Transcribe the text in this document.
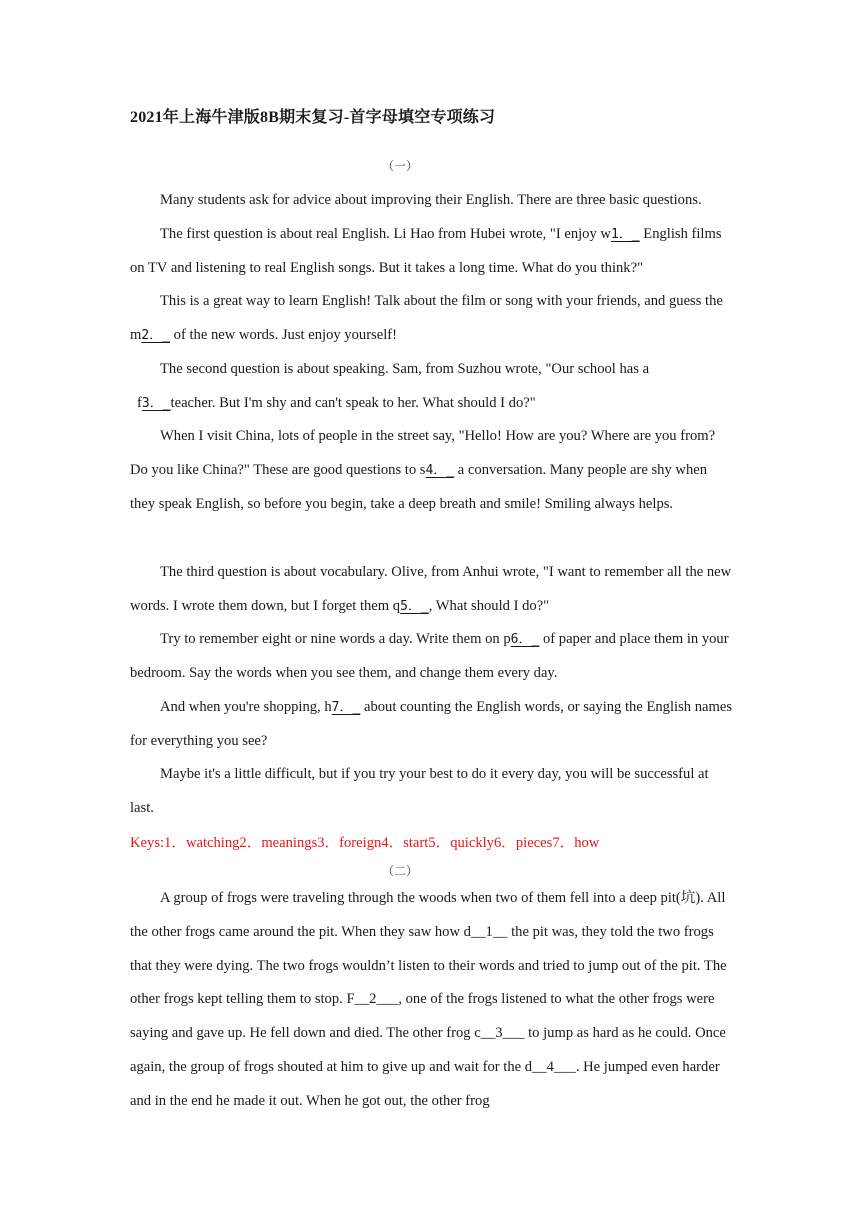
2021年上海牛津版8B期末复习-首字母填空专项练习
（一）

Many students ask for advice about improving their English. There are three basic questions.

The first question is about real English. Li Hao from Hubei wrote, "I enjoy w1．_ English films on TV and listening to real English songs. But it takes a long time. What do you think?"

This is a great way to learn English! Talk about the film or song with your friends, and guess the m2．_ of the new words. Just enjoy yourself!

The second question is about speaking. Sam, from Suzhou wrote, "Our school has a

f3．_teacher. But I'm shy and can't speak to her. What should I do?"

When I visit China, lots of people in the street say, "Hello! How are you? Where are you from? Do you like China?" These are good questions to s4．_ a conversation. Many people are shy when they speak English, so before you begin, take a deep breath and smile! Smiling always helps.

The third question is about vocabulary. Olive, from Anhui wrote, "I want to remember all the new words. I wrote them down, but I forget them q5．_, What should I do?"

Try to remember eight or nine words a day. Write them on p6．_ of paper and place them in your bedroom. Say the words when you see them, and change them every day.

And when you're shopping, h7．_ about counting the English words, or saying the English names for everything you see?

Maybe it's a little difficult, but if you try your best to do it every day, you will be successful at last.

Keys:1．watching2．meanings3．foreign4．start5．quickly6．pieces7．how
（二）

A group of frogs were traveling through the woods when two of them fell into a deep pit(坑). All the other frogs came around the pit. When they saw how d__1__ the pit was, they told the two frogs that they were dying. The two frogs wouldn’t listen to their words and tried to jump out of the pit. The other frogs kept telling them to stop. F__2___, one of the frogs listened to what the other frogs were saying and gave up. He fell down and died. The other frog c__3___ to jump as hard as he could. Once again, the group of frogs shouted at him to give up and wait for the d__4___. He jumped even harder and in the end he made it out. When he got out, the other frog
